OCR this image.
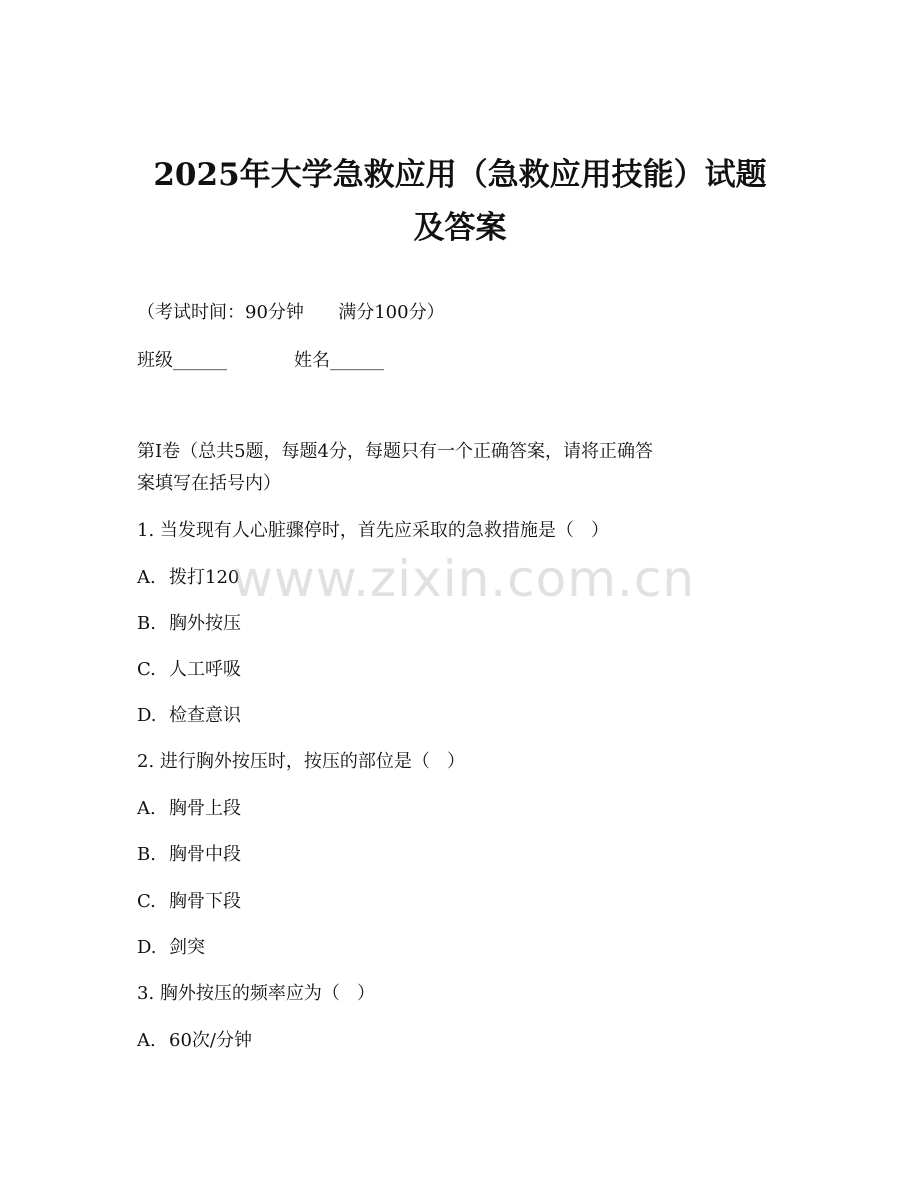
2025年大学急救应用（急救应用技能）试题
及答案
（考试时间：90分钟      满分100分）
班级______	姓名______
第I卷（总共5题，每题4分，每题只有一个正确答案，请将正确答
案填写在括号内）
1. 当发现有人心脏骤停时，首先应采取的急救措施是（   ）
A. 拨打120
B. 胸外按压
C. 人工呼吸
D. 检查意识
2. 进行胸外按压时，按压的部位是（   ）
A. 胸骨上段
B. 胸骨中段
C. 胸骨下段
D. 剑突
3. 胸外按压的频率应为（   ）
A. 60次/分钟
www.zixin.com.cn
